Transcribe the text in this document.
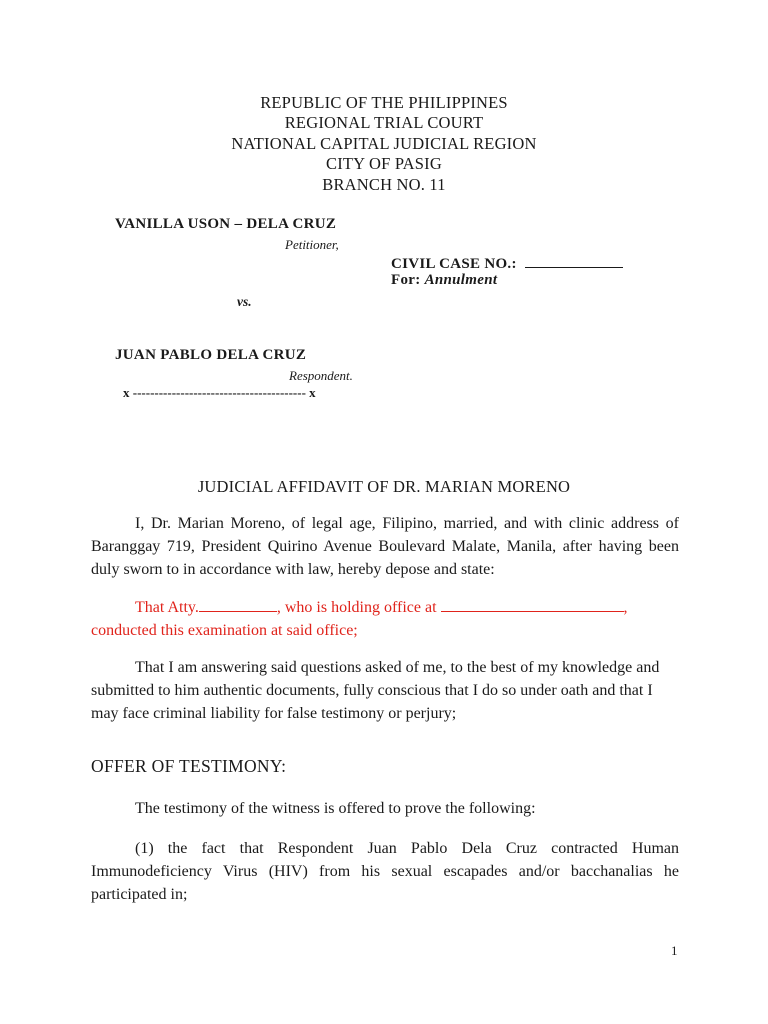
REPUBLIC OF THE PHILIPPINES
REGIONAL TRIAL COURT
NATIONAL CAPITAL JUDICIAL REGION
CITY OF PASIG
BRANCH NO. 11
VANILLA USON – DELA CRUZ
Petitioner,
CIVIL CASE NO.:
For: Annulment
vs.
JUAN PABLO DELA CRUZ
Respondent.
x ---------------------------------------- x
JUDICIAL AFFIDAVIT OF DR. MARIAN MORENO

I, Dr. Marian Moreno, of legal age, Filipino, married, and with clinic address of Baranggay 719, President Quirino Avenue Boulevard Malate, Manila, after having been duly sworn to in accordance with law, hereby depose and state:

That Atty.	, who is holding office at	,

conducted this examination at said office;

That I am answering said questions asked of me, to the best of my knowledge and submitted to him authentic documents, fully conscious that I do so under oath and that I may face criminal liability for false testimony or perjury;

OFFER OF TESTIMONY:

The testimony of the witness is offered to prove the following:

(1) the fact that Respondent Juan Pablo Dela Cruz contracted Human Immunodeficiency Virus (HIV) from his sexual escapades and/or bacchanalias he participated in;

1
